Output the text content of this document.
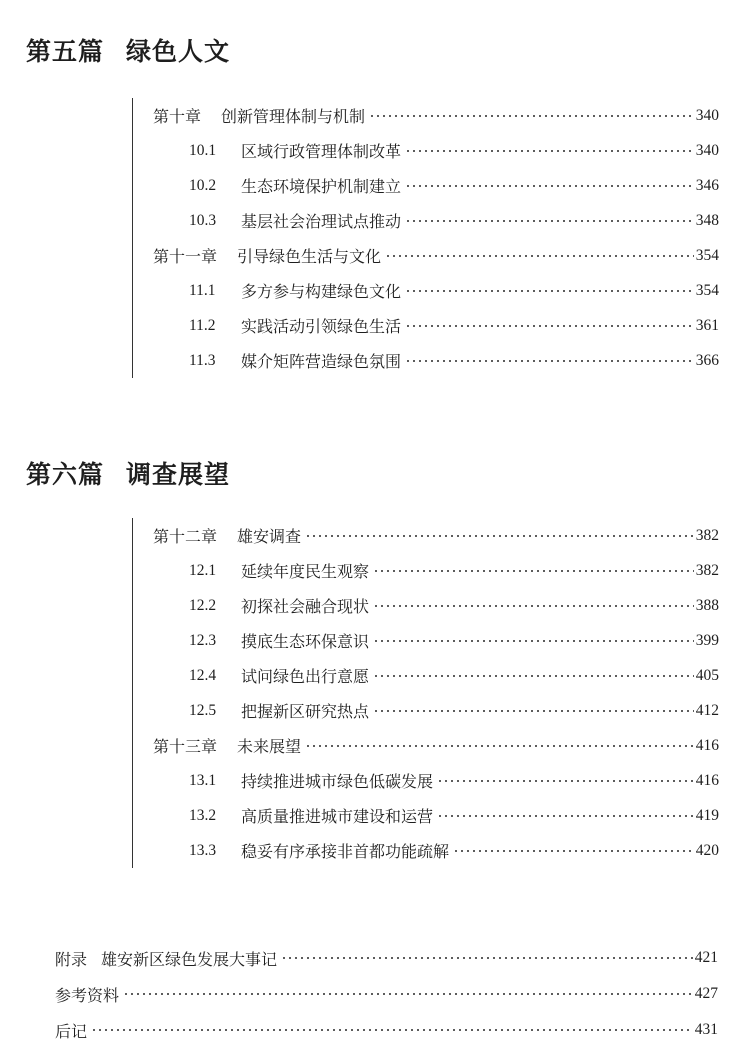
第五篇 绿色人文
第十章 创新管理体制与机制	340
10.1	区域行政管理体制改革	340
10.2	生态环境保护机制建立	346
10.3	基层社会治理试点推动	348
第十一章 引导绿色生活与文化	354
11.1	多方参与构建绿色文化	354
11.2	实践活动引领绿色生活	361
11.3	媒介矩阵营造绿色氛围	366
第六篇 调查展望
第十二章 雄安调查	382
12.1	延续年度民生观察	382
12.2	初探社会融合现状	388
12.3	摸底生态环保意识	399
12.4	试问绿色出行意愿	405
12.5	把握新区研究热点	412
第十三章 未来展望	416
13.1	持续推进城市绿色低碳发展	416
13.2	高质量推进城市建设和运营	419
13.3	稳妥有序承接非首都功能疏解	420
附录 雄安新区绿色发展大事记	421
参考资料	427
后记	431
